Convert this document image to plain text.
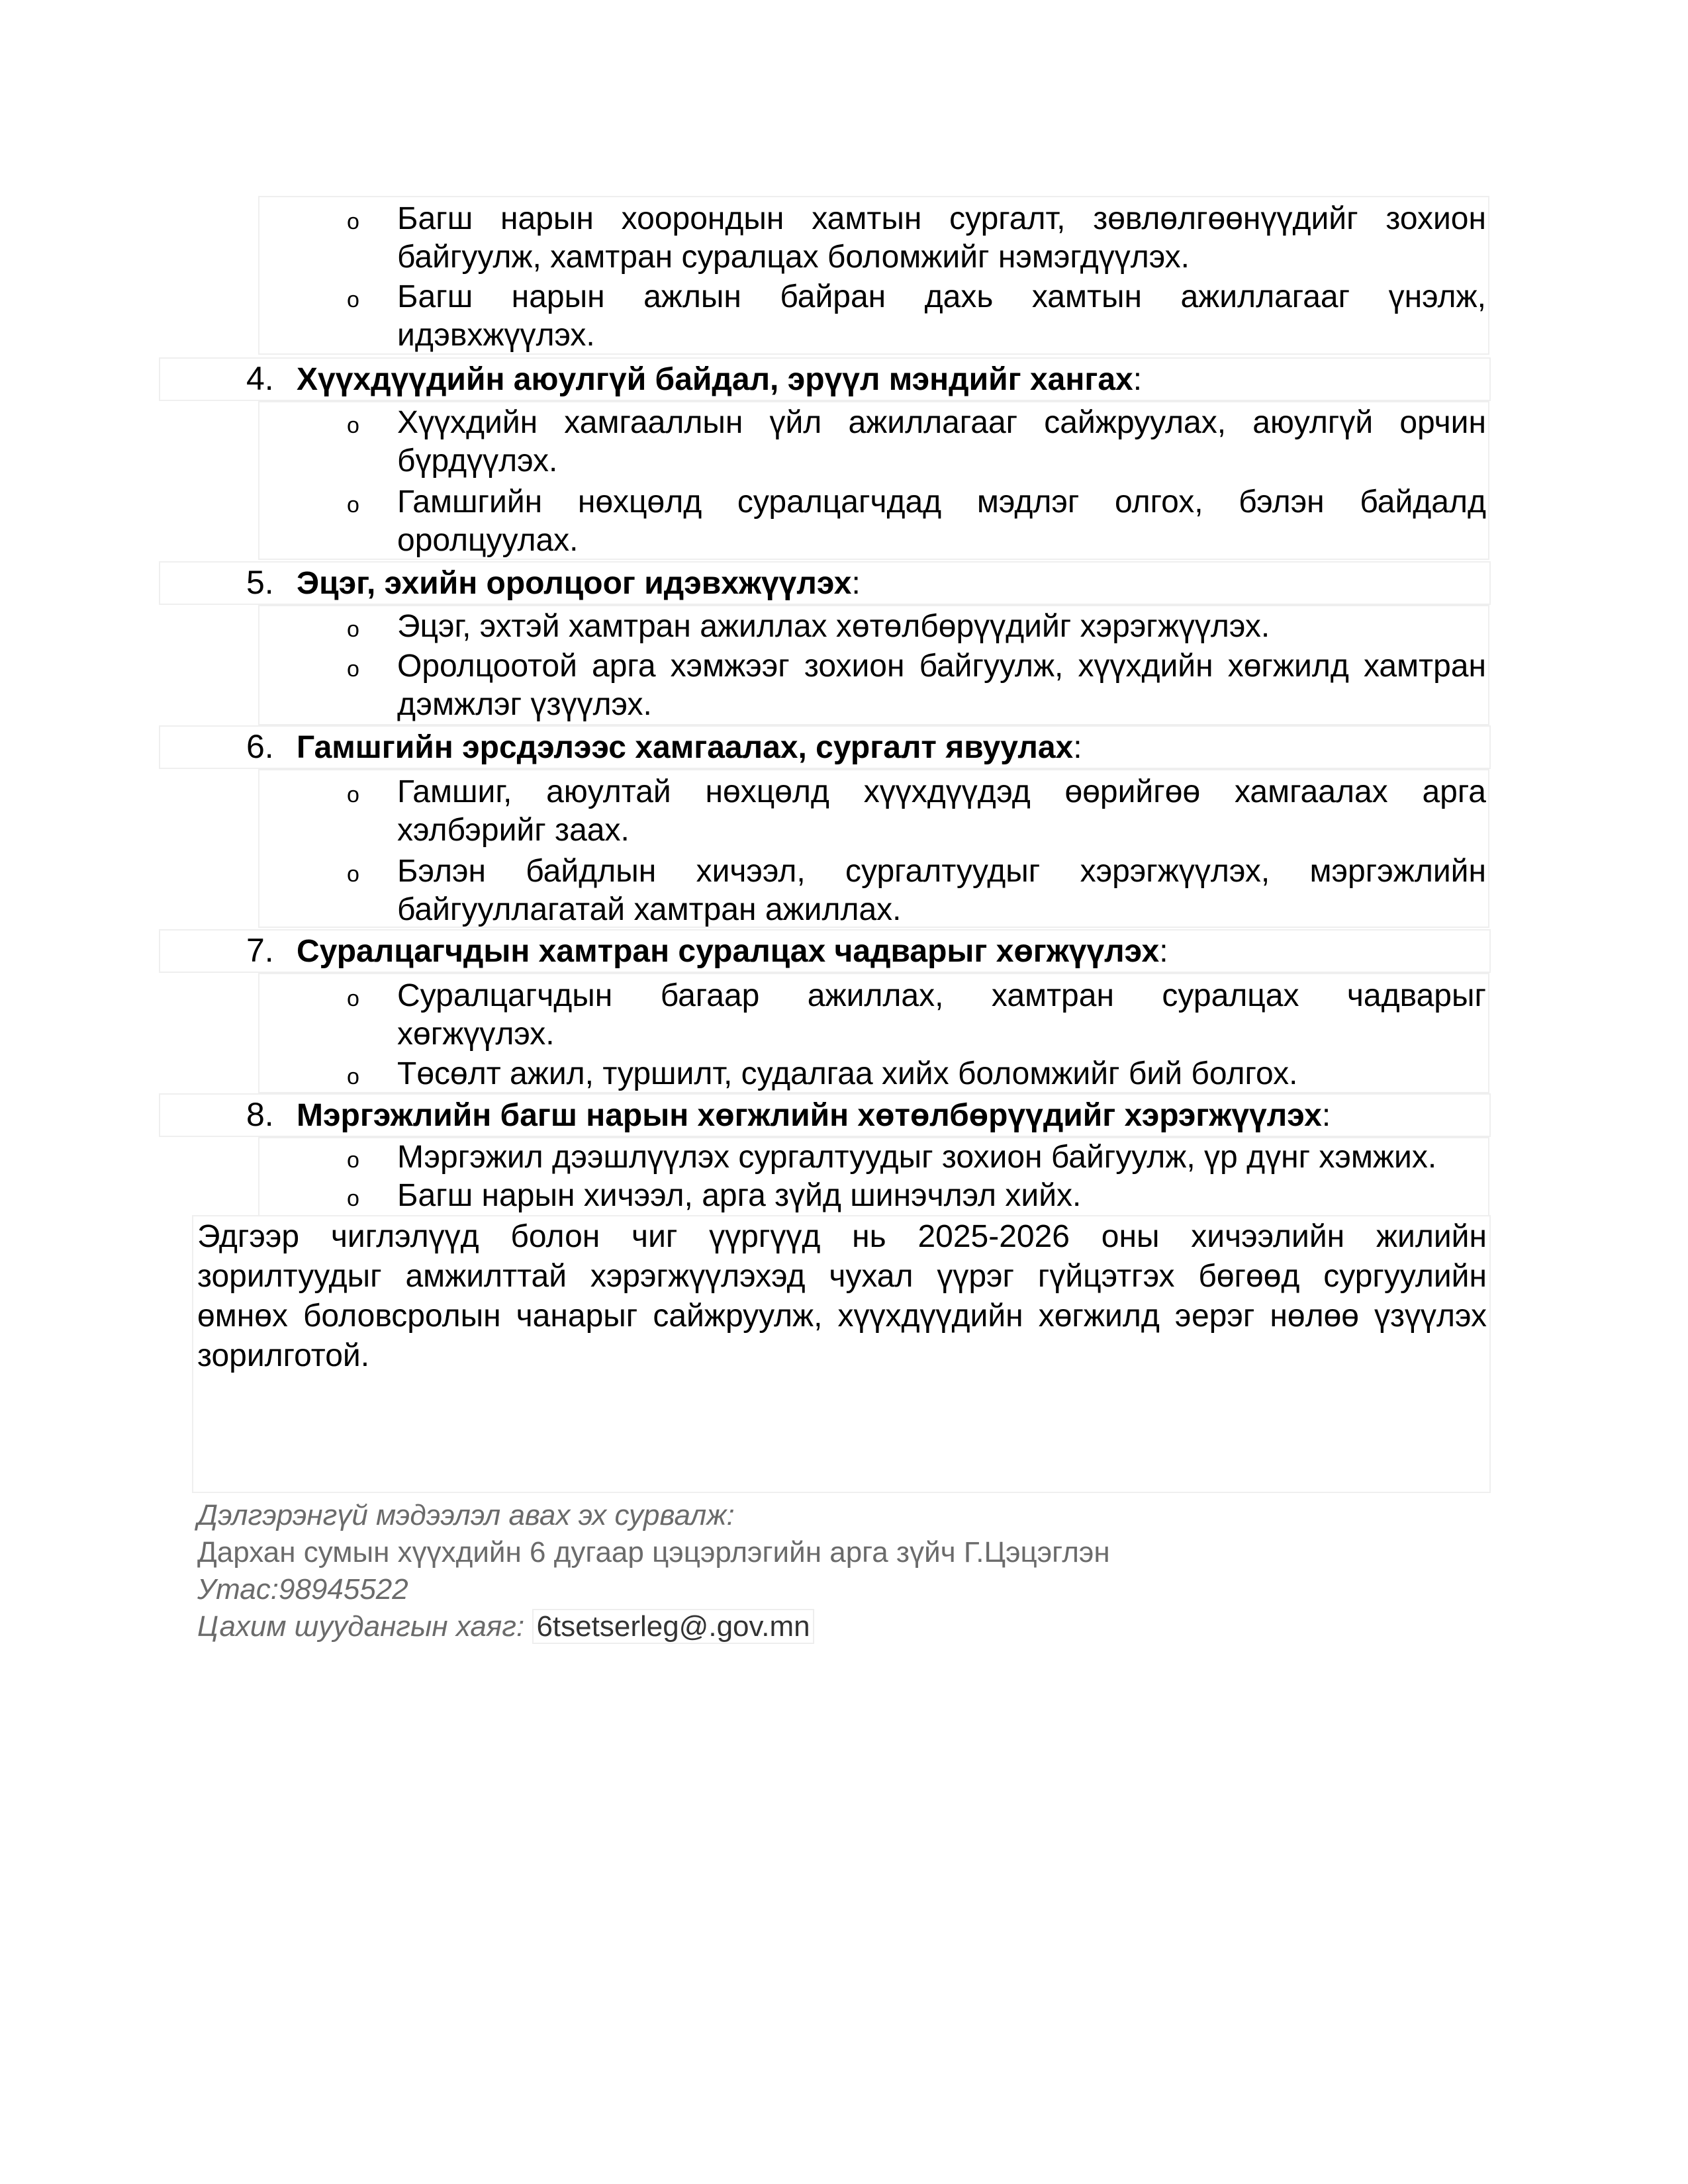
o Багш нарын хоорондын хамтын сургалт, зөвлөлгөөнүүдийг зохион
байгуулж, хамтран суралцах боломжийг нэмэгдүүлэх.
o Багш нарын ажлын байран дахь хамтын ажиллагааг үнэлж,
идэвхжүүлэх.
4. Хүүхдүүдийн аюулгүй байдал, эрүүл мэндийг хангах:
o Хүүхдийн хамгааллын үйл ажиллагааг сайжруулах, аюулгүй орчин
бүрдүүлэх.
o Гамшгийн нөхцөлд суралцагчдад мэдлэг олгох, бэлэн байдалд
оролцуулах.
5. Эцэг, эхийн оролцоог идэвхжүүлэх:
o Эцэг, эхтэй хамтран ажиллах хөтөлбөрүүдийг хэрэгжүүлэх.
o Оролцоотой арга хэмжээг зохион байгуулж, хүүхдийн хөгжилд хамтран
дэмжлэг үзүүлэх.
6. Гамшгийн эрсдэлээс хамгаалах, сургалт явуулах:
o Гамшиг, аюултай нөхцөлд хүүхдүүдэд өөрийгөө хамгаалах арга
хэлбэрийг заах.
o Бэлэн байдлын хичээл, сургалтуудыг хэрэгжүүлэх, мэргэжлийн
байгууллагатай хамтран ажиллах.
7. Суралцагчдын хамтран суралцах чадварыг хөгжүүлэх:
o Суралцагчдын багаар ажиллах, хамтран суралцах чадварыг
хөгжүүлэх.
o Төсөлт ажил, туршилт, судалгаа хийх боломжийг бий болгох.
8. Мэргэжлийн багш нарын хөгжлийн хөтөлбөрүүдийг хэрэгжүүлэх:
o Мэргэжил дээшлүүлэх сургалтуудыг зохион байгуулж, үр дүнг хэмжих.
o Багш нарын хичээл, арга зүйд шинэчлэл хийх.
Эдгээр чиглэлүүд болон чиг үүргүүд нь 2025-2026 оны хичээлийн жилийн
зорилтуудыг амжилттай хэрэгжүүлэхэд чухал үүрэг гүйцэтгэх бөгөөд сургуулийн
өмнөх боловсролын чанарыг сайжруулж, хүүхдүүдийн хөгжилд эерэг нөлөө үзүүлэх
зорилготой.
Дэлгэрэнгүй мэдээлэл авах эх сурвалж:
Дархан сумын хүүхдийн 6 дугаар цэцэрлэгийн арга зүйч Г.Цэцэглэн
Утас:98945522
Цахим шуудангын хаяг: 6tsetserleg@.gov.mn
